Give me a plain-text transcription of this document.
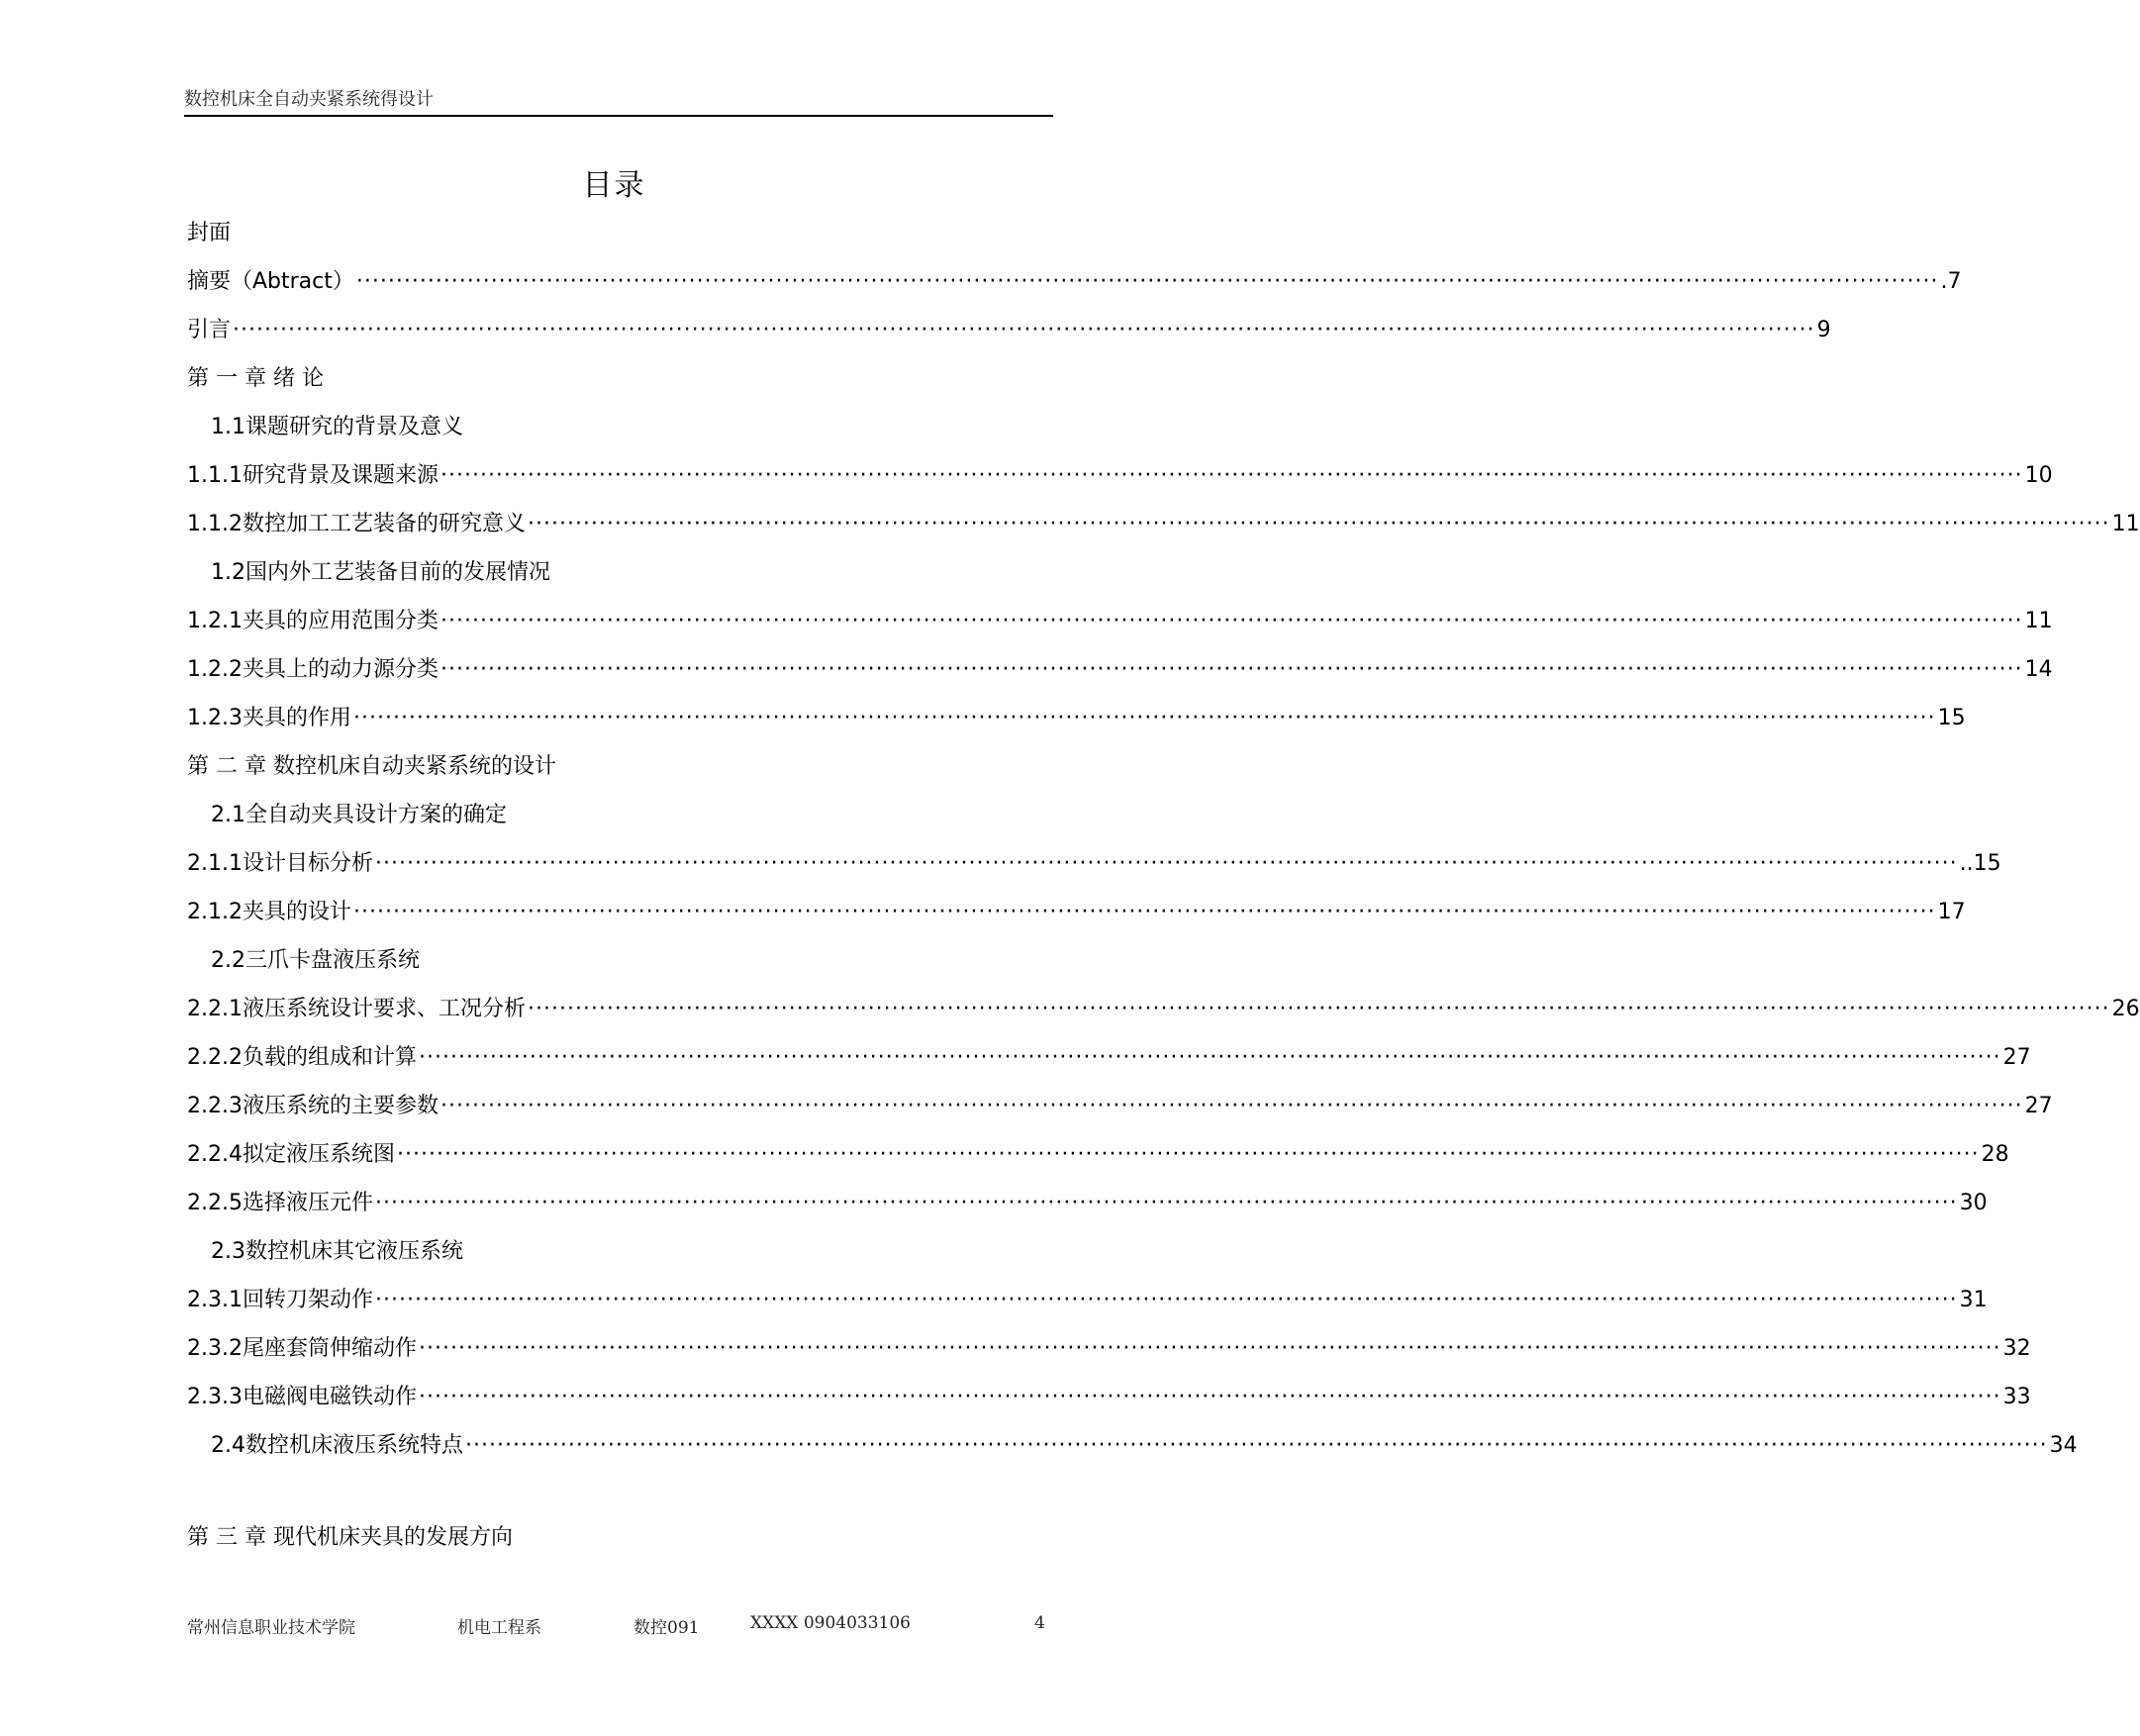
数控机床全自动夹紧系统得设计
目录
封面
摘要（Abtract） ········································································································································································································ .7
引言 ········································································································································································································ 9
第 一 章 绪 论
1.1课题研究的背景及意义
1.1.1研究背景及课题来源 ········································································································································································································ 10
1.1.2数控加工工艺装备的研究意义 ········································································································································································································ 11
1.2国内外工艺装备目前的发展情况
1.2.1夹具的应用范围分类 ········································································································································································································ 11
1.2.2夹具上的动力源分类 ········································································································································································································ 14
1.2.3夹具的作用 ········································································································································································································ 15
第 二 章 数控机床自动夹紧系统的设计
2.1全自动夹具设计方案的确定
2.1.1设计目标分析 ········································································································································································································ ..15
2.1.2夹具的设计 ········································································································································································································ 17
2.2三爪卡盘液压系统
2.2.1液压系统设计要求、工况分析 ········································································································································································································ 26
2.2.2负载的组成和计算 ········································································································································································································ 27
2.2.3液压系统的主要参数 ········································································································································································································ 27
2.2.4拟定液压系统图 ········································································································································································································ 28
2.2.5选择液压元件 ········································································································································································································ 30
2.3数控机床其它液压系统
2.3.1回转刀架动作 ········································································································································································································ 31
2.3.2尾座套筒伸缩动作 ········································································································································································································ 32
2.3.3电磁阀电磁铁动作 ········································································································································································································ 33
2.4数控机床液压系统特点 ········································································································································································································ 34
第 三 章 现代机床夹具的发展方向
常州信息职业技术学院	机电工程系	数控091	XXXX 0904033106	4
